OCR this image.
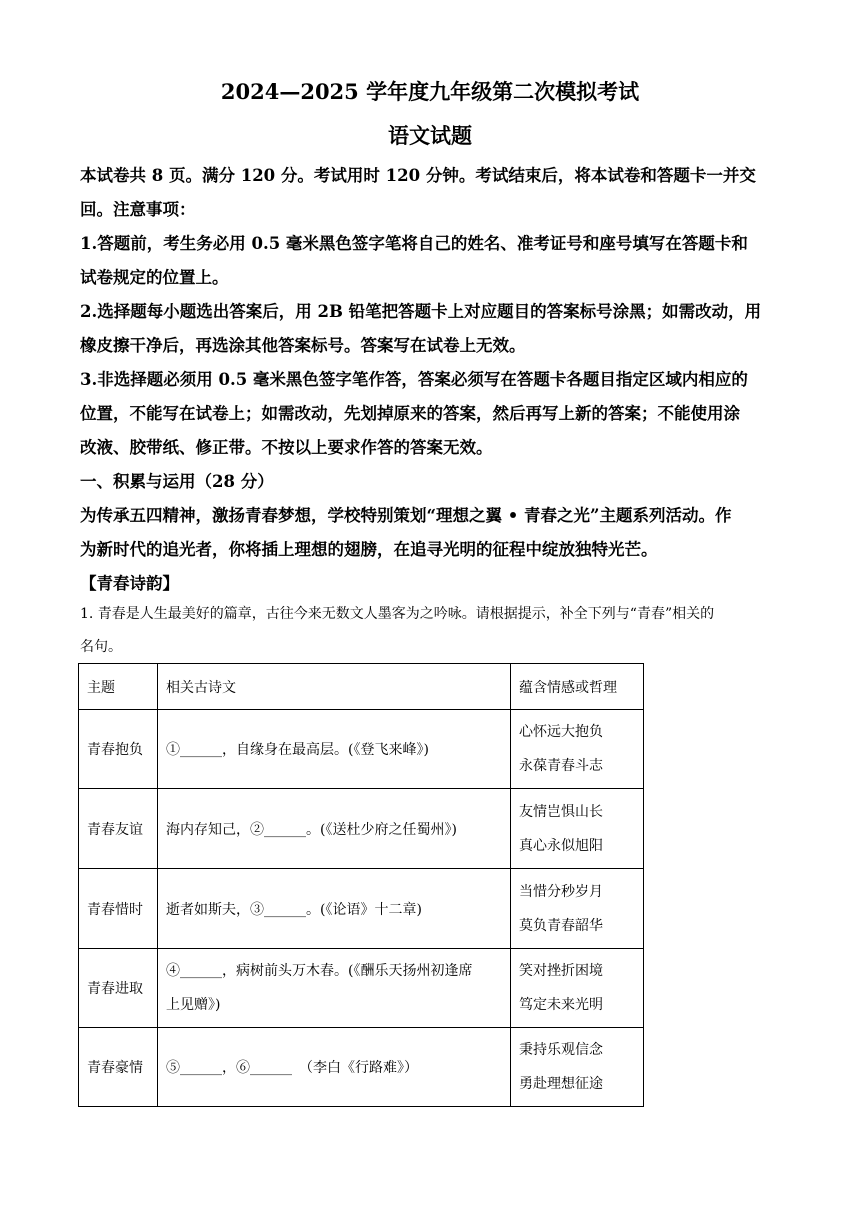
2024—2025 学年度九年级第二次模拟考试
语文试题
本试卷共 8 页。满分 120 分。考试用时 120 分钟。考试结束后，将本试卷和答题卡一并交
回。注意事项：
1.答题前，考生务必用 0.5 毫米黑色签字笔将自己的姓名、准考证号和座号填写在答题卡和
试卷规定的位置上。
2.选择题每小题选出答案后，用 2B 铅笔把答题卡上对应题目的答案标号涂黑；如需改动，用
橡皮擦干净后，再选涂其他答案标号。答案写在试卷上无效。
3.非选择题必须用 0.5 毫米黑色签字笔作答，答案必须写在答题卡各题目指定区域内相应的
位置，不能写在试卷上；如需改动，先划掉原来的答案，然后再写上新的答案；不能使用涂
改液、胶带纸、修正带。不按以上要求作答的答案无效。
一、积累与运用（28 分）
为传承五四精神，激扬青春梦想，学校特别策划“理想之翼 • 青春之光”主题系列活动。作
为新时代的追光者，你将插上理想的翅膀，在追寻光明的征程中绽放独特光芒。
【青春诗韵】
1. 青春是人生最美好的篇章，古往今来无数文人墨客为之吟咏。请根据提示，补全下列与“青春”相关的
名句。
主题	相关古诗文	蕴含情感或哲理
青春抱负	①______，自缘身在最高层。(《登飞来峰》)	心怀远大抱负
永葆青春斗志

青春友谊	海内存知己，②______。(《送杜少府之任蜀州》)	友情岂惧山长
真心永似旭阳

青春惜时	逝者如斯夫，③______。(《论语》十二章)	当惜分秒岁月
莫负青春韶华

青春进取	④______，病树前头万木春。(《酬乐天扬州初逢席
上见赠》)	笑对挫折困境
笃定未来光明

青春豪情	⑤______，⑥______　（李白《行路难》）	秉持乐观信念
勇赴理想征途
